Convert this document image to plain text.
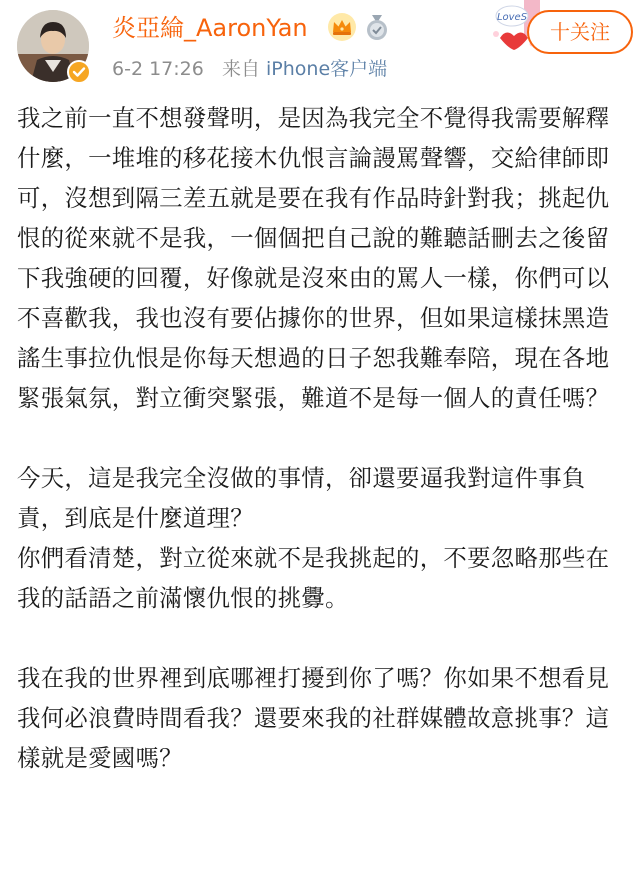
炎亞綸_AaronYan
6-2 17:26 来自 iPhone客户端
LoveS
十关注

我之前一直不想發聲明，是因為我完全不覺得我需要解釋什麼，一堆堆的移花接木仇恨言論謾罵聲響，交給律師即可，沒想到隔三差五就是要在我有作品時針對我；挑起仇恨的從來就不是我，一個個把自己說的難聽話刪去之後留下我強硬的回覆，好像就是沒來由的罵人一樣，你們可以不喜歡我，我也沒有要佔據你的世界，但如果這樣抹黑造謠生事拉仇恨是你每天想過的日子恕我難奉陪，現在各地緊張氣氛，對立衝突緊張，難道不是每一個人的責任嗎？

今天，這是我完全沒做的事情，卻還要逼我對這件事負責，到底是什麼道理？

你們看清楚，對立從來就不是我挑起的，不要忽略那些在我的話語之前滿懷仇恨的挑釁。

我在我的世界裡到底哪裡打擾到你了嗎？你如果不想看見我何必浪費時間看我？還要來我的社群媒體故意挑事？這樣就是愛國嗎？
